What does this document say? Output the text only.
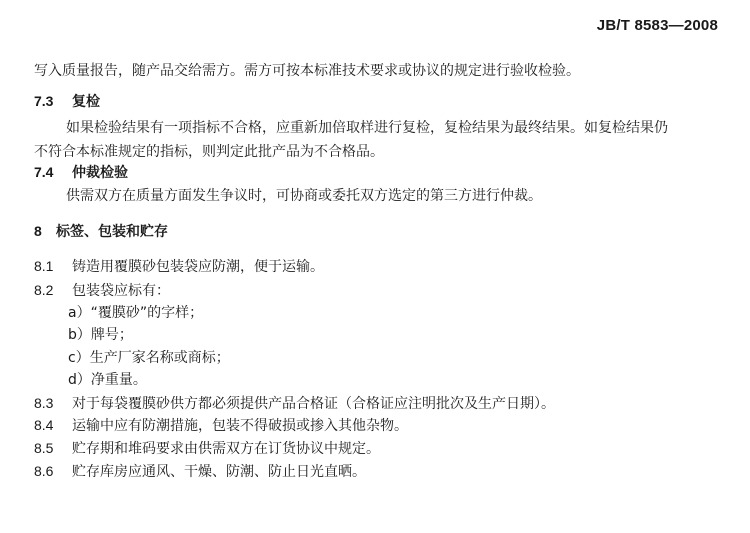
JB/T 8583—2008
写入质量报告，随产品交给需方。需方可按本标准技术要求或协议的规定进行验收检验。
7.3 复检
如果检验结果有一项指标不合格，应重新加倍取样进行复检，复检结果为最终结果。如复检结果仍
不符合本标准规定的指标，则判定此批产品为不合格品。
7.4 仲裁检验
供需双方在质量方面发生争议时，可协商或委托双方选定的第三方进行仲裁。
8 标签、包装和贮存
8.1 铸造用覆膜砂包装袋应防潮，便于运输。
8.2 包装袋应标有：
a）“覆膜砂”的字样；
b）牌号；
c）生产厂家名称或商标；
d）净重量。
8.3 对于每袋覆膜砂供方都必须提供产品合格证（合格证应注明批次及生产日期）。
8.4 运输中应有防潮措施，包装不得破损或掺入其他杂物。
8.5 贮存期和堆码要求由供需双方在订货协议中规定。
8.6 贮存库房应通风、干燥、防潮、防止日光直晒。
